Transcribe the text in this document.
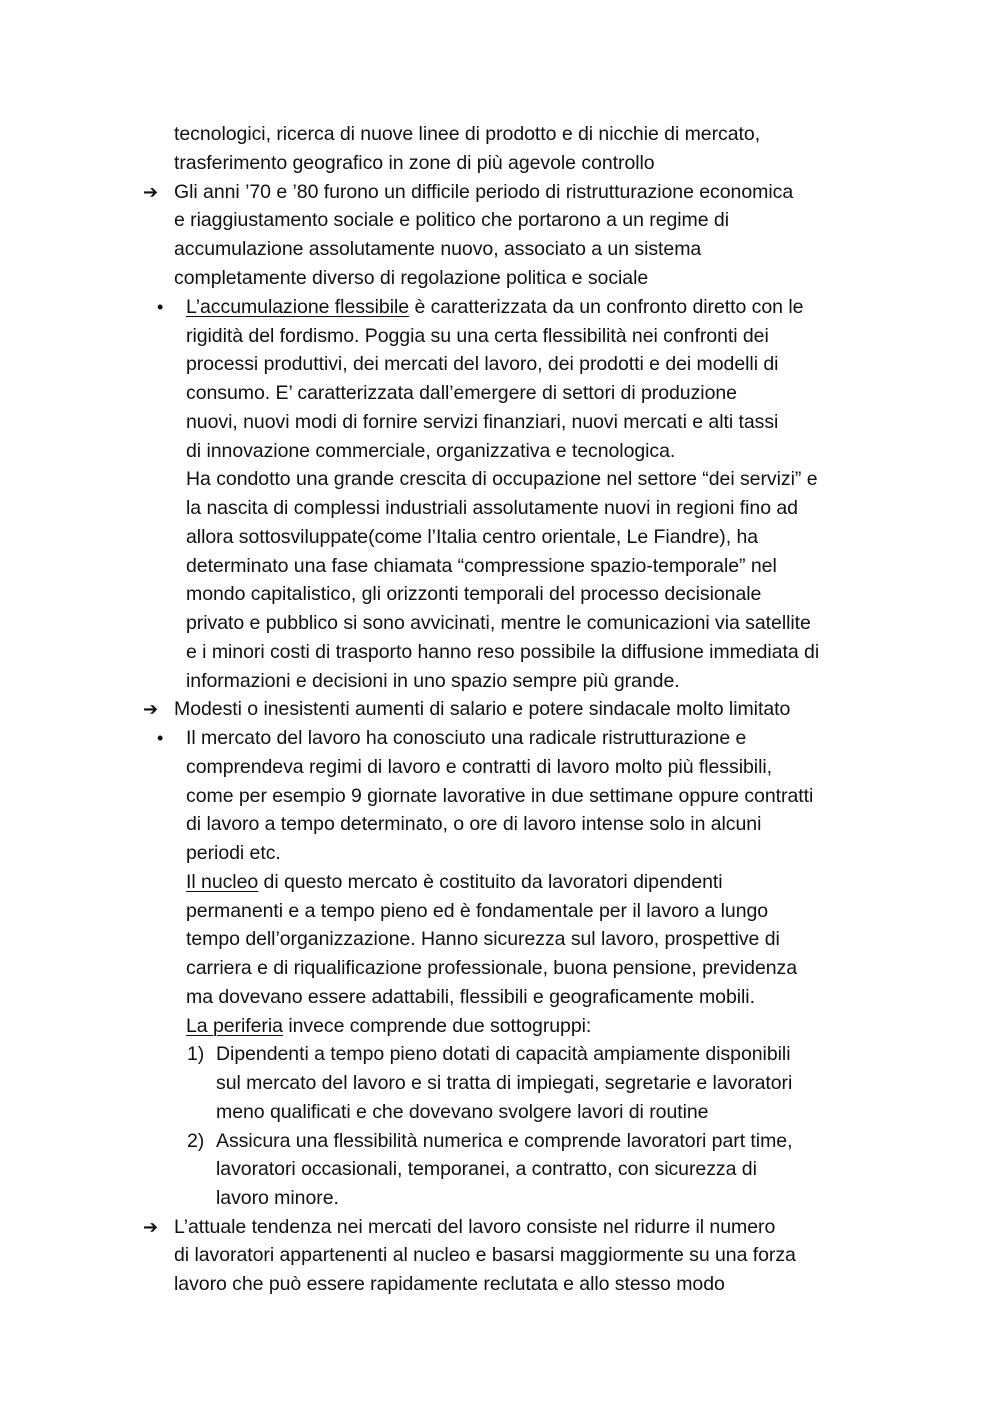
tecnologici, ricerca di nuove linee di prodotto e di nicchie di mercato,
trasferimento geografico in zone di più agevole controllo
➔ Gli anni ’70 e ’80 furono un difficile periodo di ristrutturazione economica
e riaggiustamento sociale e politico che portarono a un regime di
accumulazione assolutamente nuovo, associato a un sistema
completamente diverso di regolazione politica e sociale
• L’accumulazione flessibile è caratterizzata da un confronto diretto con le
rigidità del fordismo. Poggia su una certa flessibilità nei confronti dei
processi produttivi, dei mercati del lavoro, dei prodotti e dei modelli di
consumo. E’ caratterizzata dall’emergere di settori di produzione
nuovi, nuovi modi di fornire servizi finanziari, nuovi mercati e alti tassi
di innovazione commerciale, organizzativa e tecnologica.
Ha condotto una grande crescita di occupazione nel settore “dei servizi” e
la nascita di complessi industriali assolutamente nuovi in regioni fino ad
allora sottosviluppate(come l’Italia centro orientale, Le Fiandre), ha
determinato una fase chiamata “compressione spazio-temporale” nel
mondo capitalistico, gli orizzonti temporali del processo decisionale
privato e pubblico si sono avvicinati, mentre le comunicazioni via satellite
e i minori costi di trasporto hanno reso possibile la diffusione immediata di
informazioni e decisioni in uno spazio sempre più grande.
➔ Modesti o inesistenti aumenti di salario e potere sindacale molto limitato
• Il mercato del lavoro ha conosciuto una radicale ristrutturazione e
comprendeva regimi di lavoro e contratti di lavoro molto più flessibili,
come per esempio 9 giornate lavorative in due settimane oppure contratti
di lavoro a tempo determinato, o ore di lavoro intense solo in alcuni
periodi etc.
Il nucleo di questo mercato è costituito da lavoratori dipendenti
permanenti e a tempo pieno ed è fondamentale per il lavoro a lungo
tempo dell’organizzazione. Hanno sicurezza sul lavoro, prospettive di
carriera e di riqualificazione professionale, buona pensione, previdenza
ma dovevano essere adattabili, flessibili e geograficamente mobili.
La periferia invece comprende due sottogruppi:
1) Dipendenti a tempo pieno dotati di capacità ampiamente disponibili
sul mercato del lavoro e si tratta di impiegati, segretarie e lavoratori
meno qualificati e che dovevano svolgere lavori di routine
2) Assicura una flessibilità numerica e comprende lavoratori part time,
lavoratori occasionali, temporanei, a contratto, con sicurezza di
lavoro minore.
➔ L’attuale tendenza nei mercati del lavoro consiste nel ridurre il numero
di lavoratori appartenenti al nucleo e basarsi maggiormente su una forza
lavoro che può essere rapidamente reclutata e allo stesso modo
